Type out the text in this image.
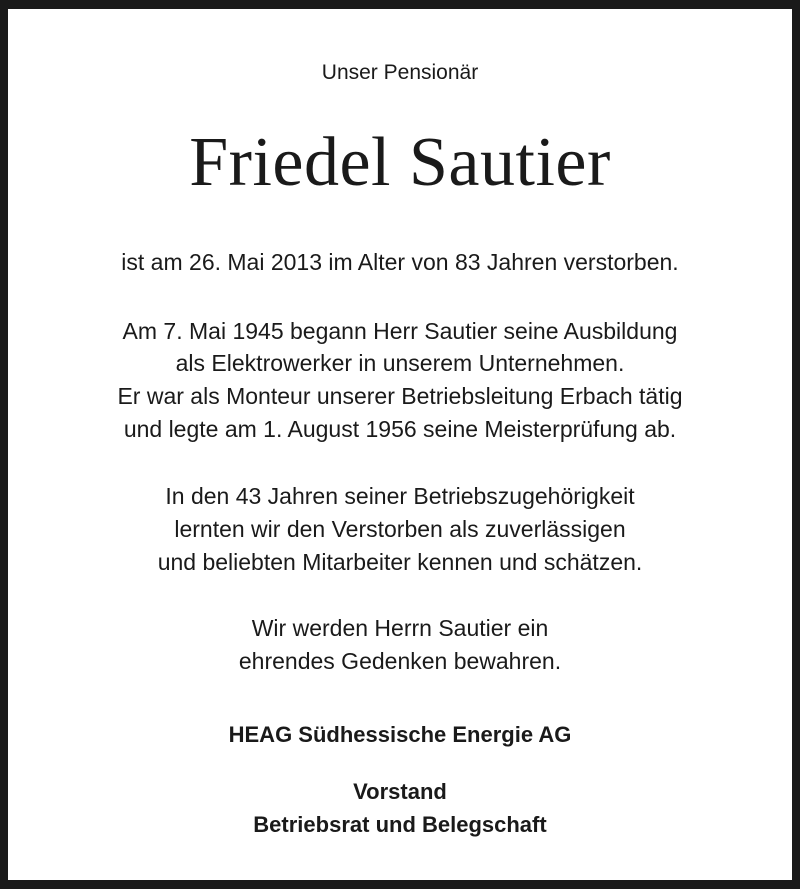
Unser Pensionär
Friedel Sautier
ist am 26. Mai 2013 im Alter von 83 Jahren verstorben.
Am 7. Mai 1945 begann Herr Sautier seine Ausbildung
als Elektrowerker in unserem Unternehmen.
Er war als Monteur unserer Betriebsleitung Erbach tätig
und legte am 1. August 1956 seine Meisterprüfung ab.
In den 43 Jahren seiner Betriebszugehörigkeit
lernten wir den Verstorben als zuverlässigen
und beliebten Mitarbeiter kennen und schätzen.
Wir werden Herrn Sautier ein
ehrendes Gedenken bewahren.
HEAG Südhessische Energie AG
Vorstand
Betriebsrat und Belegschaft
